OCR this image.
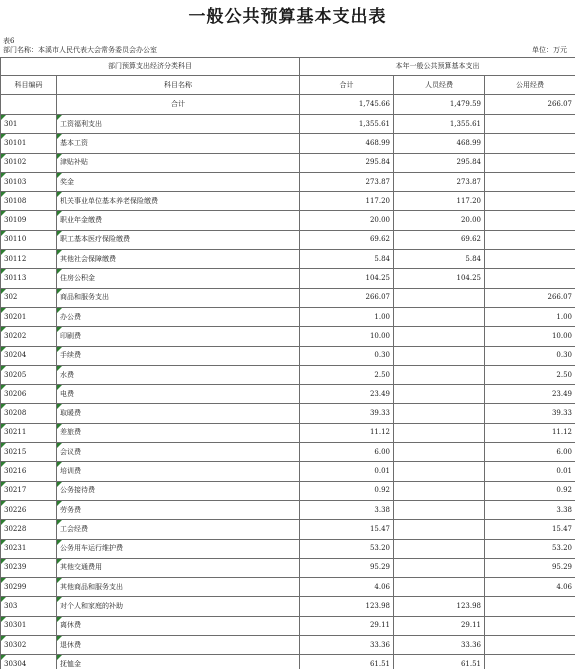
一般公共预算基本支出表
表6
部门名称：本溪市人民代表大会常务委员会办公室	单位：万元
部门预算支出经济分类科目		本年一般公共预算基本支出		
科目编码	科目名称	合计	人员经费	公用经费
	合计	1,745.66	1,479.59	266.07

301	工资福利支出	1,355.61	1,355.61	

30101	基本工资	468.99	468.99	

30102	津贴补贴	295.84	295.84	

30103	奖金	273.87	273.87	

30108	机关事业单位基本养老保险缴费	117.20	117.20	

30109	职业年金缴费	20.00	20.00	

30110	职工基本医疗保险缴费	69.62	69.62	

30112	其他社会保障缴费	5.84	5.84	

30113	住房公积金	104.25	104.25	

302	商品和服务支出	266.07		266.07

30201	办公费	1.00		1.00

30202	印刷费	10.00		10.00

30204	手续费	0.30		0.30

30205	水费	2.50		2.50

30206	电费	23.49		23.49

30208	取暖费	39.33		39.33

30211	差旅费	11.12		11.12

30215	会议费	6.00		6.00

30216	培训费	0.01		0.01

30217	公务接待费	0.92		0.92

30226	劳务费	3.38		3.38

30228	工会经费	15.47		15.47

30231	公务用车运行维护费	53.20		53.20

30239	其他交通费用	95.29		95.29

30299	其他商品和服务支出	4.06		4.06

303	对个人和家庭的补助	123.98	123.98	

30301	离休费	29.11	29.11	

30302	退休费	33.36	33.36	

30304	抚恤金	61.51	61.51	
